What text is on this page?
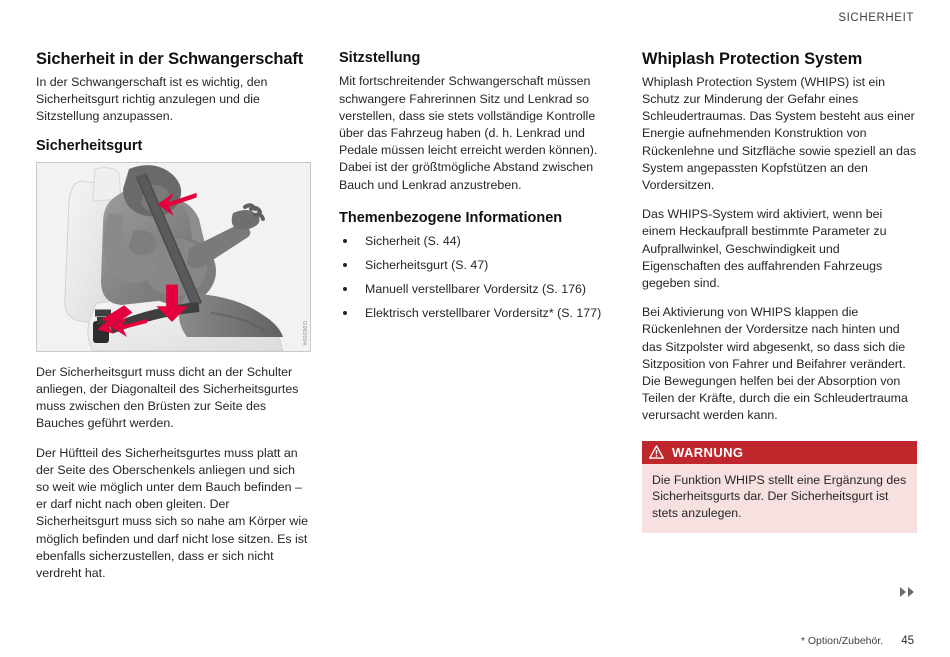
SICHERHEIT
Sicherheit in der Schwangerschaft

In der Schwangerschaft ist es wichtig, den Sicherheitsgurt richtig anzulegen und die Sitzstellung anzupassen.

Sicherheitsgurt
G062004

Der Sicherheitsgurt muss dicht an der Schulter anliegen, der Diagonalteil des Sicherheitsgurtes muss zwischen den Brüsten zur Seite des Bauches geführt werden.

Der Hüftteil des Sicherheitsgurtes muss platt an der Seite des Oberschenkels anliegen und sich so weit wie möglich unter dem Bauch befinden – er darf nicht nach oben gleiten. Der Sicherheitsgurt muss sich so nahe am Körper wie möglich befinden und darf nicht lose sitzen. Es ist ebenfalls sicherzustellen, dass er sich nicht verdreht hat.

Sitzstellung

Mit fortschreitender Schwangerschaft müssen schwangere Fahrerinnen Sitz und Lenkrad so verstellen, dass sie stets vollständige Kontrolle über das Fahrzeug haben (d. h. Lenkrad und Pedale müssen leicht erreicht werden können). Dabei ist der größtmögliche Abstand zwischen Bauch und Lenkrad anzustreben.

Themenbezogene Informationen
Sicherheit (S. 44)
Sicherheitsgurt (S. 47)
Manuell verstellbarer Vordersitz (S. 176)
Elektrisch verstellbarer Vordersitz* (S. 177)
Whiplash Protection System

Whiplash Protection System (WHIPS) ist ein Schutz zur Minderung der Gefahr eines Schleudertraumas. Das System besteht aus einer Energie aufnehmenden Konstruktion von Rückenlehne und Sitzfläche sowie speziell an das System angepassten Kopfstützen an den Vordersitzen.

Das WHIPS-System wird aktiviert, wenn bei einem Heckaufprall bestimmte Parameter zu Aufprallwinkel, Geschwindigkeit und Eigenschaften des auffahrenden Fahrzeugs gegeben sind.

Bei Aktivierung von WHIPS klappen die Rückenlehnen der Vordersitze nach hinten und das Sitzpolster wird abgesenkt, so dass sich die Sitzposition von Fahrer und Beifahrer verändert. Die Bewegungen helfen bei der Absorption von Teilen der Kräfte, durch die ein Schleudertrauma verursacht werden kann.

WARNUNG

Die Funktion WHIPS stellt eine Ergänzung des Sicherheitsgurts dar. Der Sicherheitsgurt ist stets anzulegen.

* Option/Zubehör. 45
